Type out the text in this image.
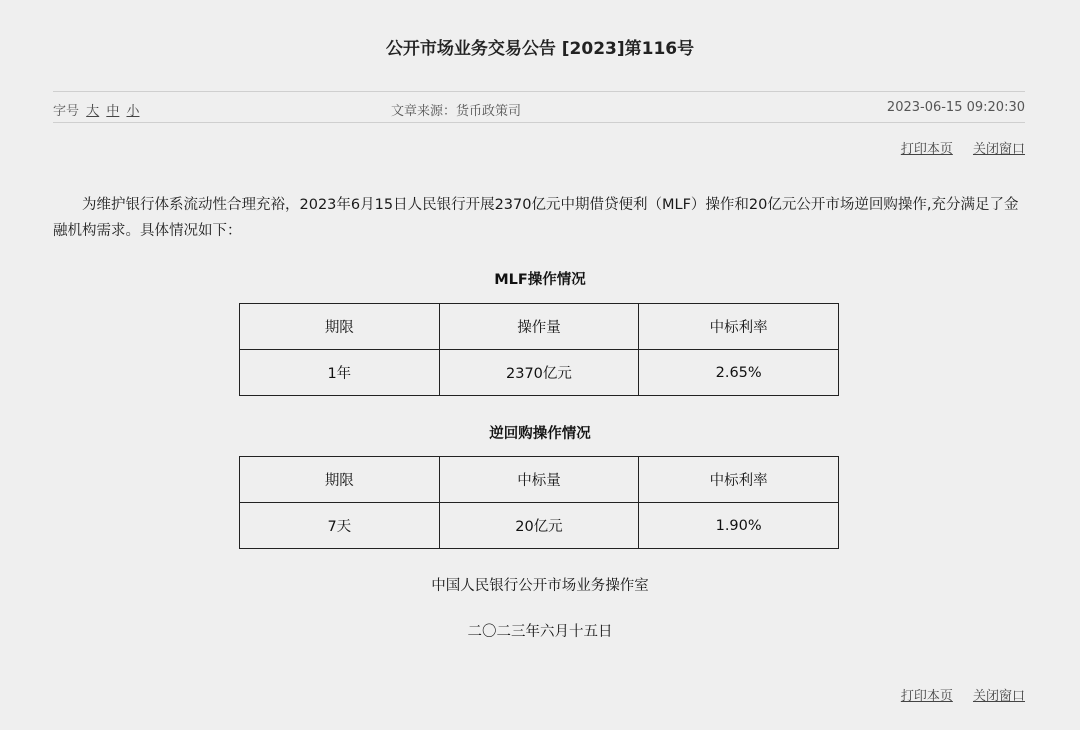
公开市场业务交易公告 [2023]第116号
字号 大 中 小	文章来源：货币政策司	2023-06-15 09:20:30
打印本页 关闭窗口

为维护银行体系流动性合理充裕，2023年6月15日人民银行开展2370亿元中期借贷便利（MLF）操作和20亿元公开市场逆回购操作,充分满足了金融机构需求。具体情况如下：

MLF操作情况
期限	操作量	中标利率
1年	2370亿元	2.65%
逆回购操作情况
期限	中标量	中标利率
7天	20亿元	1.90%
中国人民银行公开市场业务操作室
二〇二三年六月十五日
打印本页 关闭窗口
